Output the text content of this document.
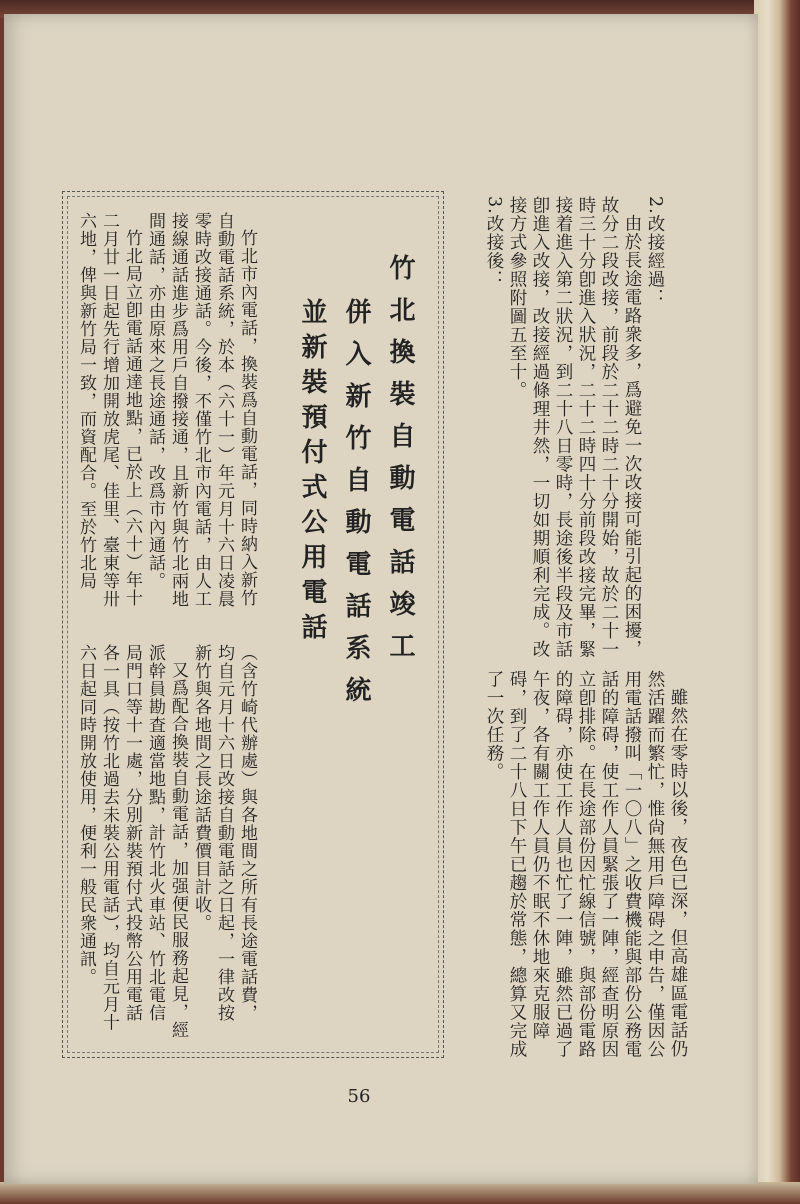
2.改接經過：

由於長途電路衆多，爲避免一次改接可能引起的困擾，故分二段改接，前段於二十二時二十分開始，故於二十一時三十分卽進入狀況，二十二時四十分前段改接完畢，緊接着進入第二狀況，到二十八日零時，長途後半段及市話卽進入改接，改接經過條理井然，一切如期順利完成。改接方式參照附圖五至十。

3.改接後：

雖然在零時以後，夜色已深，但高雄區電話仍然活躍而繁忙，惟尙無用戶障碍之申告，僅因公用電話撥叫「一〇八」之收費機能與部份公務電話的障碍，使工作人員緊張了一陣，經查明原因立卽排除。在長途部份因忙線信號，與部份電路的障碍，亦使工作人員也忙了一陣，雖然已過了午夜，各有關工作人員仍不眠不休地來克服障碍，到了二十八日下午已趨於常態，總算又完成了一次任務。

竹北換裝自動電話竣工

併入新竹自動電話系統

並新裝預付式公用電話

竹北市內電話，換裝爲自動電話，同時納入新竹自動電話系統，於本（六十一）年元月十六日凌晨零時改接通話。今後，不僅竹北市內電話，由人工接線通話進步爲用戶自撥接通，且新竹與竹北兩地間通話，亦由原來之長途通話，改爲市內通話。

竹北局立卽電話通達地點，已於上（六十）年十二月廿一日起先行增加開放虎尾、佳里、臺東等卅六地，俾與新竹局一致，而資配合。至於竹北局

（含竹崎代辦處）與各地間之所有長途電話費，均自元月十六日改接自動電話之日起，一律改按新竹與各地間之長途話費價目計收。

又爲配合換裝自動電話，加强便民服務起見，經派幹員勘査適當地點，計竹北火車站、竹北電信局門口等十一處，分別新裝預付式投幣公用電話各一具（按竹北過去未裝公用電話），均自元月十六日起同時開放使用，便利一般民衆通訊。

56
